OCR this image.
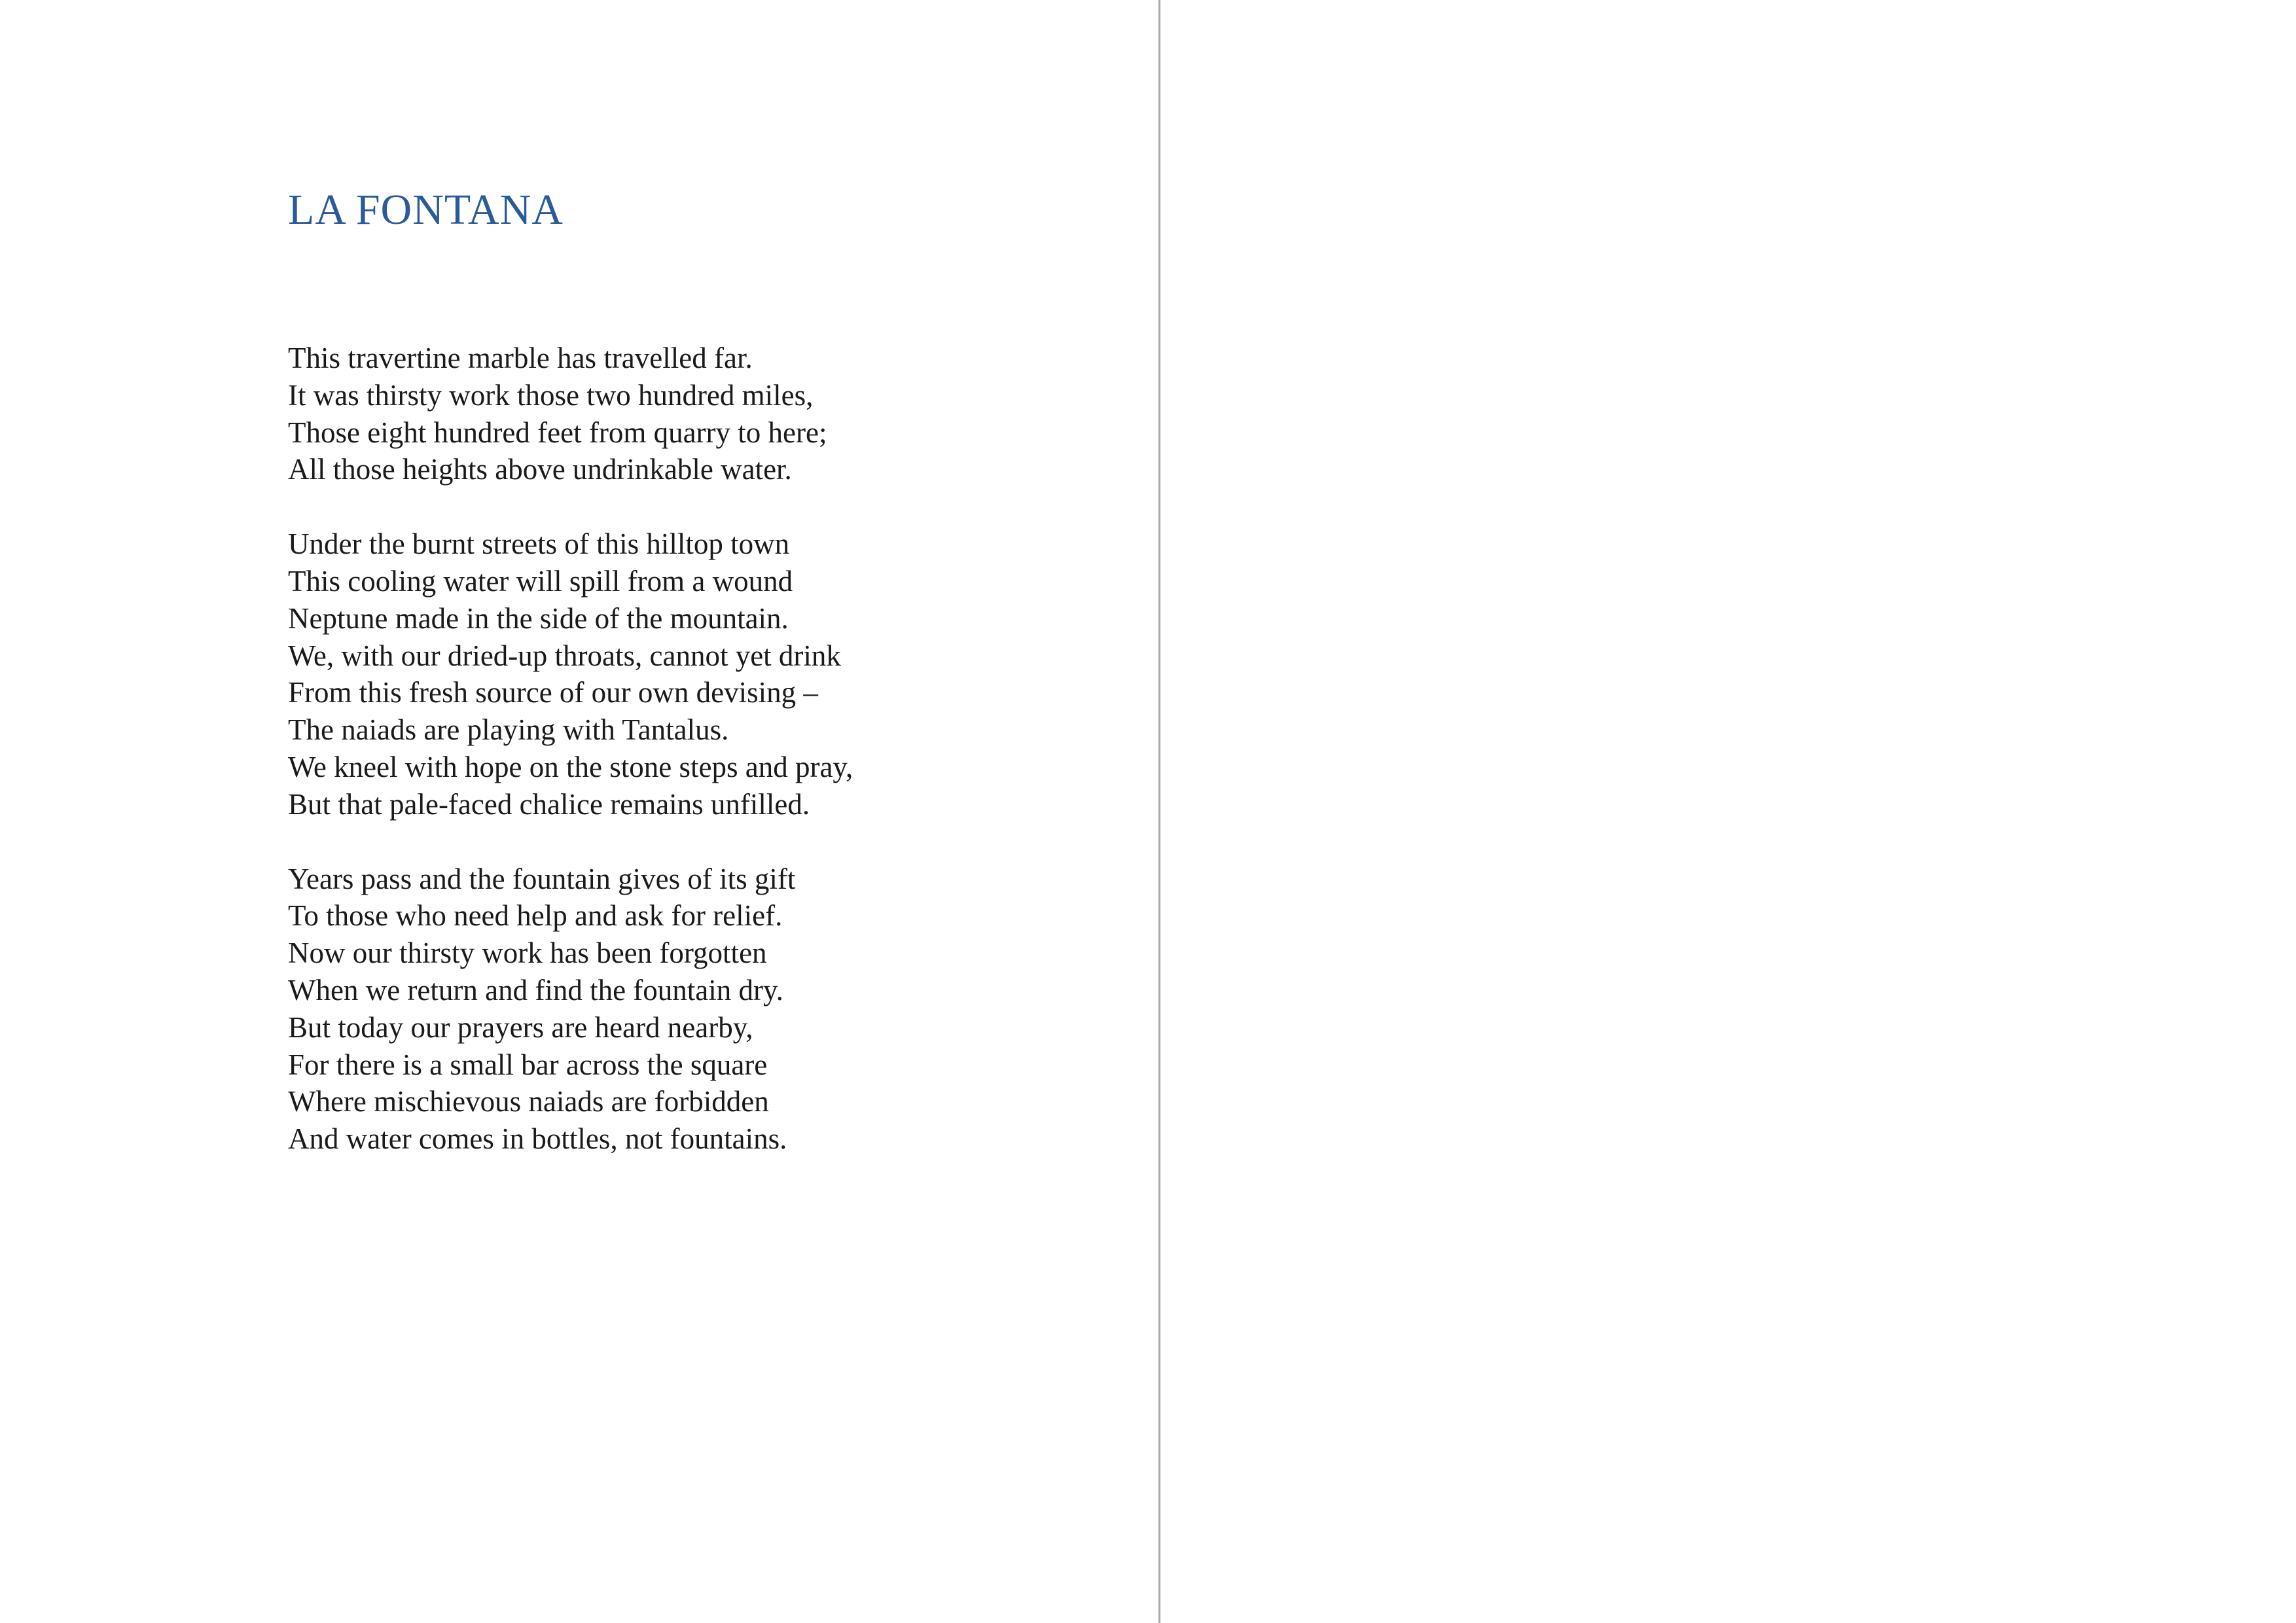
LA FONTANA

This travertine marble has travelled far.
It was thirsty work those two hundred miles,
Those eight hundred feet from quarry to here;
All those heights above undrinkable water.

Under the burnt streets of this hilltop town
This cooling water will spill from a wound
Neptune made in the side of the mountain.
We, with our dried-up throats, cannot yet drink
From this fresh source of our own devising –
The naiads are playing with Tantalus.
We kneel with hope on the stone steps and pray,
But that pale-faced chalice remains unfilled.

Years pass and the fountain gives of its gift
To those who need help and ask for relief.
Now our thirsty work has been forgotten
When we return and find the fountain dry.
But today our prayers are heard nearby,
For there is a small bar across the square
Where mischievous naiads are forbidden
And water comes in bottles, not fountains.
